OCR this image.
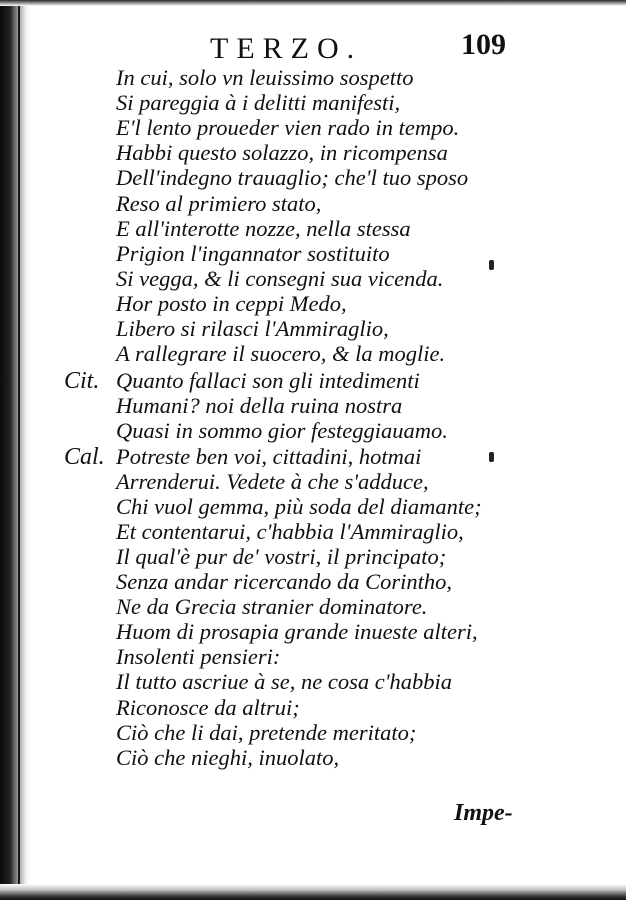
TERZO.	109
Cit.
Cal.
In cui, solo vn leuissimo sospetto
Si pareggia à i delitti manifesti,
E'l lento proueder vien rado in tempo.
Habbi questo solazzo, in ricompensa
Dell'indegno trauaglio; che'l tuo sposo
Reso al primiero stato,
E all'interotte nozze, nella stessa
Prigion l'ingannator sostituito
Si vegga, & li consegni sua vicenda.
Hor posto in ceppi Medo,
Libero si rilasci l'Ammiraglio,
A rallegrare il suocero, & la moglie.
Quanto fallaci son gli intedimenti
Humani? noi della ruina nostra
Quasi in sommo gior festeggiauamo.
Potreste ben voi, cittadini, hotmai
Arrenderui. Vedete à che s'adduce,
Chi vuol gemma, più soda del diamante;
Et contentarui, c'habbia l'Ammiraglio,
Il qual'è pur de' vostri, il principato;
Senza andar ricercando da Corintho,
Ne da Grecia stranier dominatore.
Huom di prosapia grande inueste alteri,
Insolenti pensieri:
Il tutto ascriue à se, ne cosa c'habbia
Riconosce da altrui;
Ciò che li dai, pretende meritato;
Ciò che nieghi, inuolato,
Impe-
